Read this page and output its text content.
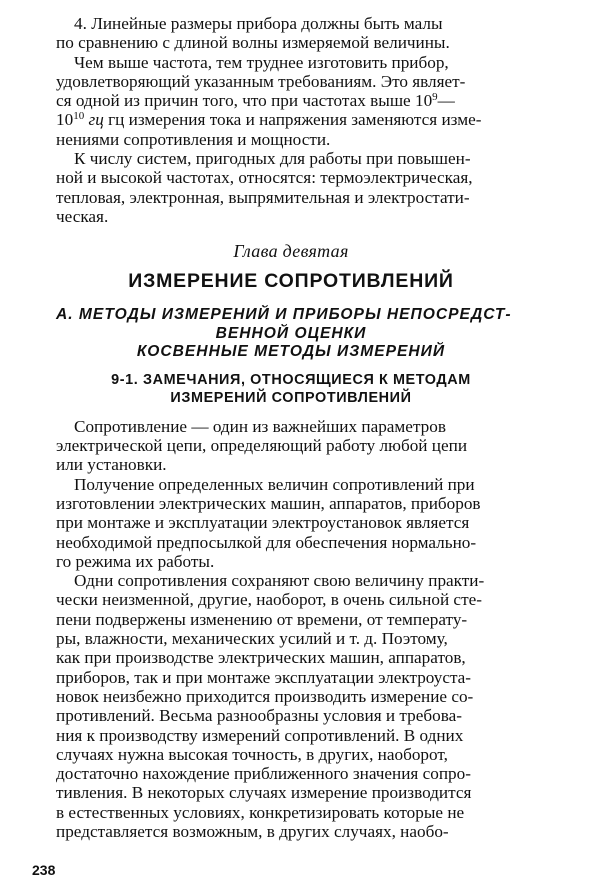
4. Линейные размеры прибора должны быть малы
по сравнению с длиной волны измеряемой величины.
Чем выше частота, тем труднее изготовить прибор,
удовлетворяющий указанным требованиям. Это являет-
ся одной из причин того, что при частотах выше $10^9—$
$10^{10}$ гц гц измерения тока и напряжения заменяются изме-
нениями сопротивления и мощности.
К числу систем, пригодных для работы при повышен-
ной и высокой частотах, относятся: термоэлектрическая,
тепловая, электронная, выпрямительная и электростати-
ческая.
Глава девятая
ИЗМЕРЕНИЕ СОПРОТИВЛЕНИЙ
А. МЕТОДЫ ИЗМЕРЕНИЙ И ПРИБОРЫ НЕПОСРЕДСТ-
ВЕННОЙ ОЦЕНКИ
КОСВЕННЫЕ МЕТОДЫ ИЗМЕРЕНИЙ
9-1. ЗАМЕЧАНИЯ, ОТНОСЯЩИЕСЯ К МЕТОДАМ
ИЗМЕРЕНИЙ СОПРОТИВЛЕНИЙ
Сопротивление — один из важнейших параметров
электрической цепи, определяющий работу любой цепи
или установки.
Получение определенных величин сопротивлений при
изготовлении электрических машин, аппаратов, приборов
при монтаже и эксплуатации электроустановок является
необходимой предпосылкой для обеспечения нормально-
го режима их работы.
Одни сопротивления сохраняют свою величину практи-
чески неизменной, другие, наоборот, в очень сильной сте-
пени подвержены изменению от времени, от температу-
ры, влажности, механических усилий и т. д. Поэтому,
как при производстве электрических машин, аппаратов,
приборов, так и при монтаже эксплуатации электроуста-
новок неизбежно приходится производить измерение со-
противлений. Весьма разнообразны условия и требова-
ния к производству измерений сопротивлений. В одних
случаях нужна высокая точность, в других, наоборот,
достаточно нахождение приближенного значения сопро-
тивления. В некоторых случаях измерение производится
в естественных условиях, конкретизировать которые не
представляется возможным, в других случаях, наобо-
238
